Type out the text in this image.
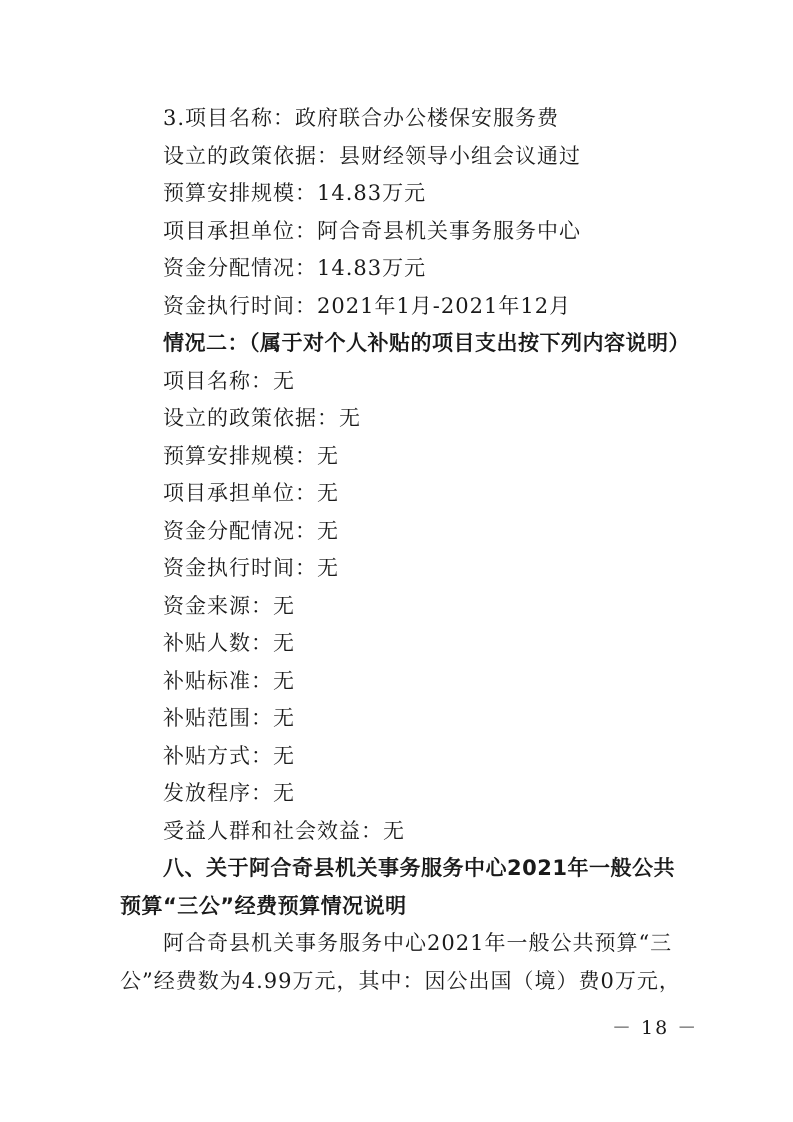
3.项目名称：政府联合办公楼保安服务费
设立的政策依据：县财经领导小组会议通过
预算安排规模：14.83万元
项目承担单位：阿合奇县机关事务服务中心
资金分配情况：14.83万元
资金执行时间：2021年1月-2021年12月
情况二：（属于对个人补贴的项目支出按下列内容说明）
项目名称：无
设立的政策依据：无
预算安排规模：无
项目承担单位：无
资金分配情况：无
资金执行时间：无
资金来源：无
补贴人数：无
补贴标准：无
补贴范围：无
补贴方式：无
发放程序：无
受益人群和社会效益：无
八、关于阿合奇县机关事务服务中心2021年一般公共
预算“三公”经费预算情况说明
阿合奇县机关事务服务中心2021年一般公共预算“三
公”经费数为4.99万元，其中：因公出国（境）费0万元，
－ 18 －
